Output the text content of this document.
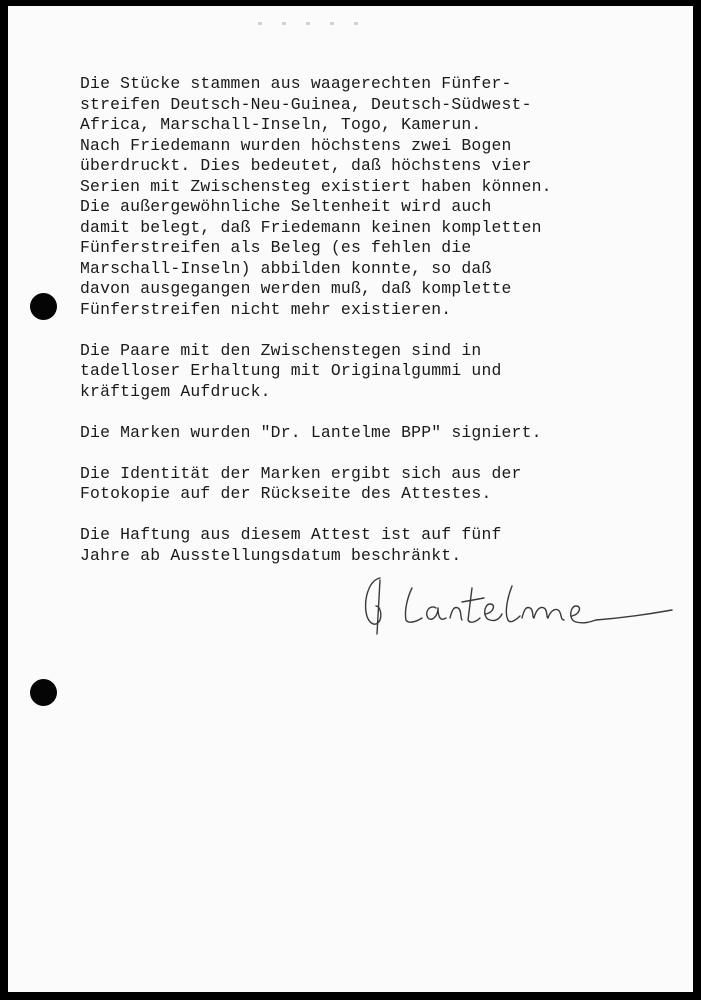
Die Stücke stammen aus waagerechten Fünfer-
streifen Deutsch-Neu-Guinea, Deutsch-Südwest-
Africa, Marschall-Inseln, Togo, Kamerun.
Nach Friedemann wurden höchstens zwei Bogen
überdruckt. Dies bedeutet, daß höchstens vier
Serien mit Zwischensteg existiert haben können.
Die außergewöhnliche Seltenheit wird auch
damit belegt, daß Friedemann keinen kompletten
Fünferstreifen als Beleg (es fehlen die
Marschall-Inseln) abbilden konnte, so daß
davon ausgegangen werden muß, daß komplette
Fünferstreifen nicht mehr existieren.
Die Paare mit den Zwischenstegen sind in
tadelloser Erhaltung mit Originalgummi und
kräftigem Aufdruck.
Die Marken wurden "Dr. Lantelme BPP" signiert.
Die Identität der Marken ergibt sich aus der
Fotokopie auf der Rückseite des Attestes.
Die Haftung aus diesem Attest ist auf fünf
Jahre ab Ausstellungsdatum beschränkt.
